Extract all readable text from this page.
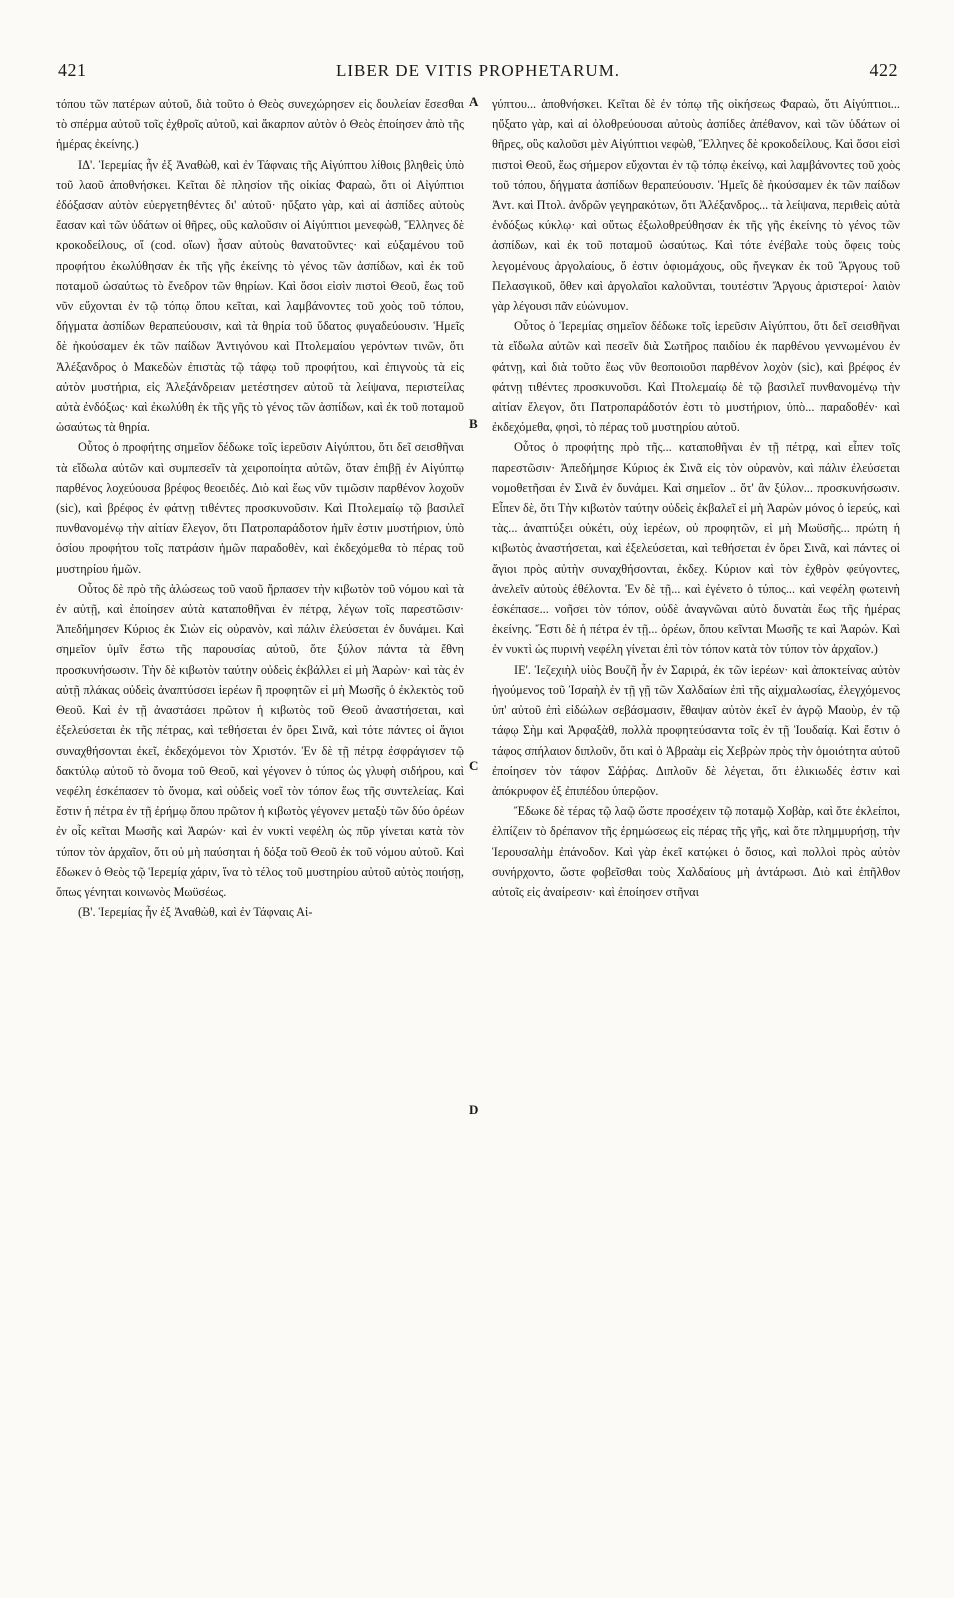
421	LIBER DE VITIS PROPHETARUM.	422

τόπου τῶν πατέρων αὐτοῦ, διὰ τοῦτο ὁ Θεὸς συνεχώρησεν εἰς δουλείαν ἔσεσθαι τὸ σπέρμα αὐτοῦ τοῖς ἐχθροῖς αὐτοῦ, καὶ ἄκαρπον αὐτὸν ὁ Θεὸς ἐποίησεν ἀπὸ τῆς ἡμέρας ἐκείνης.)

ΙΔ'. Ἱερεμίας ἦν ἐξ Ἀναθὼθ, καὶ ἐν Τάφναις τῆς Αἰγύπτου λίθοις βληθεὶς ὑπὸ τοῦ λαοῦ ἀποθνήσκει. Κεῖται δὲ πλησίον τῆς οἰκίας Φαραὼ, ὅτι οἱ Αἰγύπτιοι ἐδόξασαν αὐτὸν εὐεργετηθέντες δι' αὐτοῦ· ηὔξατο γὰρ, καὶ αἱ ἀσπίδες αὐτοὺς ἔασαν καὶ τῶν ὑδάτων οἱ θῆρες, οὓς καλοῦσιν οἱ Αἰγύπτιοι μενεφὼθ, Ἕλληνες δὲ κροκοδείλους, οἵ (cod. οἵων) ἦσαν αὐτοὺς θανατοῦντες· καὶ εὐξαμένου τοῦ προφήτου ἐκωλύθησαν ἐκ τῆς γῆς ἐκείνης τὸ γένος τῶν ἀσπίδων, καὶ ἐκ τοῦ ποταμοῦ ὡσαύτως τὸ ἔνεδρον τῶν θηρίων. Καὶ ὅσοι εἰσὶν πιστοὶ Θεοῦ, ἕως τοῦ νῦν εὔχονται ἐν τῷ τόπῳ ὅπου κεῖται, καὶ λαμβάνοντες τοῦ χοὸς τοῦ τόπου, δήγματα ἀσπίδων θεραπεύουσιν, καὶ τὰ θηρία τοῦ ὕδατος φυγαδεύουσιν. Ἡμεῖς δὲ ἠκούσαμεν ἐκ τῶν παίδων Ἀντιγόνου καὶ Πτολεμαίου γερόντων τινῶν, ὅτι Ἀλέξανδρος ὁ Μακεδὼν ἐπιστὰς τῷ τάφῳ τοῦ προφήτου, καὶ ἐπιγνοὺς τὰ εἰς αὐτὸν μυστήρια, εἰς Ἀλεξάνδρειαν μετέστησεν αὐτοῦ τὰ λείψανα, περιστείλας αὐτὰ ἐνδόξως· καὶ ἐκωλύθη ἐκ τῆς γῆς τὸ γένος τῶν ἀσπίδων, καὶ ἐκ τοῦ ποταμοῦ ὡσαύτως τὰ θηρία.

Οὗτος ὁ προφήτης σημεῖον δέδωκε τοῖς ἱερεῦσιν Αἰγύπτου, ὅτι δεῖ σεισθῆναι τὰ εἴδωλα αὐτῶν καὶ συμπεσεῖν τὰ χειροποίητα αὐτῶν, ὅταν ἐπιβῇ ἐν Αἰγύπτῳ παρθένος λοχεύουσα βρέφος θεοειδές. Διὸ καὶ ἕως νῦν τιμῶσιν παρθένον λοχοῦν (sic), καὶ βρέφος ἐν φάτνῃ τιθέντες προσκυνοῦσιν. Καὶ Πτολεμαίῳ τῷ βασιλεῖ πυνθανομένῳ τὴν αἰτίαν ἔλεγον, ὅτι Πατροπαράδοτον ἡμῖν ἐστιν μυστήριον, ὑπὸ ὁσίου προφήτου τοῖς πατράσιν ἡμῶν παραδοθὲν, καὶ ἐκδεχόμεθα τὸ πέρας τοῦ μυστηρίου ἡμῶν.

Οὗτος δὲ πρὸ τῆς ἁλώσεως τοῦ ναοῦ ἥρπασεν τὴν κιβωτὸν τοῦ νόμου καὶ τὰ ἐν αὐτῇ, καὶ ἐποίησεν αὐτὰ καταποθῆναι ἐν πέτρᾳ, λέγων τοῖς παρεστῶσιν· Ἀπεδήμησεν Κύριος ἐκ Σιὼν εἰς οὐρανὸν, καὶ πάλιν ἐλεύσεται ἐν δυνάμει. Καὶ σημεῖον ὑμῖν ἔστω τῆς παρουσίας αὐτοῦ, ὅτε ξύλον πάντα τὰ ἔθνη προσκυνήσωσιν. Τὴν δὲ κιβωτὸν ταύτην οὐδεὶς ἐκβάλλει εἰ μὴ Ἀαρὼν· καὶ τὰς ἐν αὐτῇ πλάκας οὐδεὶς ἀναπτύσσει ἱερέων ἢ προφητῶν εἰ μὴ Μωσῆς ὁ ἐκλεκτὸς τοῦ Θεοῦ. Καὶ ἐν τῇ ἀναστάσει πρῶτον ἡ κιβωτὸς τοῦ Θεοῦ ἀναστήσεται, καὶ ἐξελεύσεται ἐκ τῆς πέτρας, καὶ τεθήσεται ἐν ὄρει Σινᾶ, καὶ τότε πάντες οἱ ἅγιοι συναχθήσονται ἐκεῖ, ἐκδεχόμενοι τὸν Χριστόν. Ἐν δὲ τῇ πέτρᾳ ἐσφράγισεν τῷ δακτύλῳ αὐτοῦ τὸ ὄνομα τοῦ Θεοῦ, καὶ γέγονεν ὁ τύπος ὡς γλυφὴ σιδήρου, καὶ νεφέλη ἐσκέπασεν τὸ ὄνομα, καὶ οὐδεὶς νοεῖ τὸν τόπον ἕως τῆς συντελείας. Καὶ ἔστιν ἡ πέτρα ἐν τῇ ἐρήμῳ ὅπου πρῶτον ἡ κιβωτὸς γέγονεν μεταξὺ τῶν δύο ὀρέων ἐν οἷς κεῖται Μωσῆς καὶ Ἀαρών· καὶ ἐν νυκτὶ νεφέλη ὡς πῦρ γίνεται κατὰ τὸν τύπον τὸν ἀρχαῖον, ὅτι οὐ μὴ παύσηται ἡ δόξα τοῦ Θεοῦ ἐκ τοῦ νόμου αὐτοῦ. Καὶ ἔδωκεν ὁ Θεὸς τῷ Ἱερεμίᾳ χάριν, ἵνα τὸ τέλος τοῦ μυστηρίου αὐτοῦ αὐτὸς ποιήσῃ, ὅπως γένηται κοινωνὸς Μωϋσέως.

(Β'. Ἱερεμίας ἦν ἐξ Ἀναθὼθ, καὶ ἐν Τάφναις Αἰ-

A
B
C
D

γύπτου... ἀποθνήσκει. Κεῖται δὲ ἐν τόπῳ τῆς οἰκήσεως Φαραὼ, ὅτι Αἰγύπτιοι... ηὔξατο γὰρ, καὶ αἱ ὀλοθρεύουσαι αὐτοὺς ἀσπίδες ἀπέθανον, καὶ τῶν ὑδάτων οἱ θῆρες, οὓς καλοῦσι μὲν Αἰγύπτιοι νεφὼθ, Ἕλληνες δὲ κροκοδείλους. Καὶ ὅσοι εἰσὶ πιστοὶ Θεοῦ, ἕως σήμερον εὔχονται ἐν τῷ τόπῳ ἐκείνῳ, καὶ λαμβάνοντες τοῦ χοὸς τοῦ τόπου, δήγματα ἀσπίδων θεραπεύουσιν. Ἡμεῖς δὲ ἠκούσαμεν ἐκ τῶν παίδων Ἀντ. καὶ Πτολ. ἀνδρῶν γεγηρακότων, ὅτι Ἀλέξανδρος... τὰ λείψανα, περιθεὶς αὐτὰ ἐνδόξως κύκλῳ· καὶ οὕτως ἐξωλοθρεύθησαν ἐκ τῆς γῆς ἐκείνης τὸ γένος τῶν ἀσπίδων, καὶ ἐκ τοῦ ποταμοῦ ὡσαύτως. Καὶ τότε ἐνέβαλε τοὺς ὄφεις τοὺς λεγομένους ἀργολαίους, ὅ ἐστιν ὀφιομάχους, οὓς ἤνεγκαν ἐκ τοῦ Ἄργους τοῦ Πελασγικοῦ, ὅθεν καὶ ἀργολαῖοι καλοῦνται, τουτέστιν Ἄργους ἀριστεροί· λαιὸν γὰρ λέγουσι πᾶν εὐώνυμον.

Οὗτος ὁ Ἱερεμίας σημεῖον δέδωκε τοῖς ἱερεῦσιν Αἰγύπτου, ὅτι δεῖ σεισθῆναι τὰ εἴδωλα αὐτῶν καὶ πεσεῖν διὰ Σωτῆρος παιδίου ἐκ παρθένου γεννωμένου ἐν φάτνῃ, καὶ διὰ τοῦτο ἕως νῦν θεοποιοῦσι παρθένον λοχὸν (sic), καὶ βρέφος ἐν φάτνῃ τιθέντες προσκυνοῦσι. Καὶ Πτολεμαίῳ δὲ τῷ βασιλεῖ πυνθανομένῳ τὴν αἰτίαν ἔλεγον, ὅτι Πατροπαράδοτόν ἐστι τὸ μυστήριον, ὑπὸ... παραδοθέν· καὶ ἐκδεχόμεθα, φησὶ, τὸ πέρας τοῦ μυστηρίου αὐτοῦ.

Οὗτος ὁ προφήτης πρὸ τῆς... καταποθῆναι ἐν τῇ πέτρᾳ, καὶ εἶπεν τοῖς παρεστῶσιν· Ἀπεδήμησε Κύριος ἐκ Σινᾶ εἰς τὸν οὐρανὸν, καὶ πάλιν ἐλεύσεται νομοθετῆσαι ἐν Σινᾶ ἐν δυνάμει. Καὶ σημεῖον .. ὅτ' ἂν ξύλον... προσκυνήσωσιν. Εἶπεν δὲ, ὅτι Τὴν κιβωτὸν ταύτην οὐδεὶς ἐκβαλεῖ εἰ μὴ Ἀαρὼν μόνος ὁ ἱερεύς, καὶ τὰς... ἀναπτύξει οὐκέτι, οὐχ ἱερέων, οὐ προφητῶν, εἰ μὴ Μωϋσῆς... πρώτη ἡ κιβωτὸς ἀναστήσεται, καὶ ἐξελεύσεται, καὶ τεθήσεται ἐν ὄρει Σινᾶ, καὶ πάντες οἱ ἅγιοι πρὸς αὐτὴν συναχθήσονται, ἐκδεχ. Κύριον καὶ τὸν ἐχθρὸν φεύγοντες, ἀνελεῖν αὐτοὺς ἐθέλοντα. Ἐν δὲ τῇ... καὶ ἐγένετο ὁ τύπος... καὶ νεφέλη φωτεινὴ ἐσκέπασε... νοῆσει τὸν τόπον, οὐδὲ ἀναγνῶναι αὐτὸ δυνατὰι ἕως τῆς ἡμέρας ἐκείνης. Ἔστι δὲ ἡ πέτρα ἐν τῇ... ὀρέων, ὅπου κεῖνται Μωσῆς τε καὶ Ἀαρών. Καὶ ἐν νυκτὶ ὡς πυρινὴ νεφέλη γίνεται ἐπὶ τὸν τόπον κατὰ τὸν τύπον τὸν ἀρχαῖον.)

ΙΕ'. Ἰεζεχιὴλ υἱὸς Βουζῆ ἦν ἐν Σαριρά, ἐκ τῶν ἱερέων· καὶ ἀποκτείνας αὐτὸν ἡγούμενος τοῦ Ἰσραὴλ ἐν τῇ γῇ τῶν Χαλδαίων ἐπὶ τῆς αἰχμαλωσίας, ἐλεγχόμενος ὑπ' αὐτοῦ ἐπὶ εἰδώλων σεβάσμασιν, ἔθαψαν αὐτὸν ἐκεῖ ἐν ἀγρῷ Μαοὺρ, ἐν τῷ τάφῳ Σὴμ καὶ Ἀρφαξὰθ, πολλὰ προφητεύσαντα τοῖς ἐν τῇ Ἰουδαίᾳ. Καὶ ἔστιν ὁ τάφος σπήλαιον διπλοῦν, ὅτι καὶ ὁ Ἀβραὰμ εἰς Χεβρὼν πρὸς τὴν ὁμοιότητα αὐτοῦ ἐποίησεν τὸν τάφον Σάῤῥας. Διπλοῦν δὲ λέγεται, ὅτι ἑλικιωδές ἐστιν καὶ ἀπόκρυφον ἐξ ἐπιπέδου ὑπερῷον.

Ἔδωκε δὲ τέρας τῷ λαῷ ὥστε προσέχειν τῷ ποταμῷ Χοβὰρ, καὶ ὅτε ἐκλείποι, ἐλπίζειν τὸ δρέπανον τῆς ἐρημώσεως εἰς πέρας τῆς γῆς, καὶ ὅτε πλημμυρήσῃ, τὴν Ἱερουσαλὴμ ἐπάνοδον. Καὶ γὰρ ἐκεῖ κατῴκει ὁ ὅσιος, καὶ πολλοὶ πρὸς αὐτὸν συνήρχοντο, ὥστε φοβεῖσθαι τοὺς Χαλδαίους μὴ ἀντάρωσι. Διὸ καὶ ἐπῆλθον αὐτοῖς εἰς ἀναίρεσιν· καὶ ἐποίησεν στῆναι
